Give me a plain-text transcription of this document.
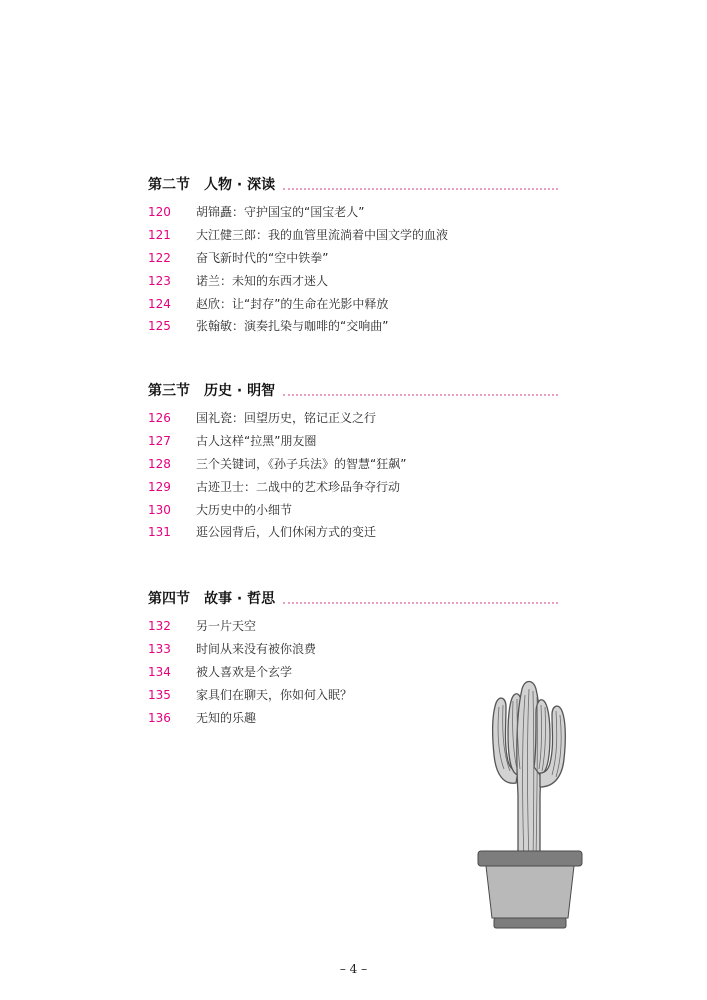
第二节 人物 · 深读
120	胡锦矗：守护国宝的“国宝老人”
121	大江健三郎：我的血管里流淌着中国文学的血液
122	奋飞新时代的“空中铁拳”
123	诺兰：未知的东西才迷人
124	赵欣：让“封存”的生命在光影中释放
125	张翰敏：演奏扎染与咖啡的“交响曲”
第三节 历史 · 明智
126	国礼瓷：回望历史，铭记正义之行
127	古人这样“拉黑”朋友圈
128	三个关键词，《孙子兵法》的智慧“狂飙”
129	古迹卫士：二战中的艺术珍品争夺行动
130	大历史中的小细节
131	逛公园背后，人们休闲方式的变迁
第四节 故事 · 哲思
132	另一片天空
133	时间从来没有被你浪费
134	被人喜欢是个玄学
135	家具们在聊天，你如何入眠？
136	无知的乐趣
– 4 –
